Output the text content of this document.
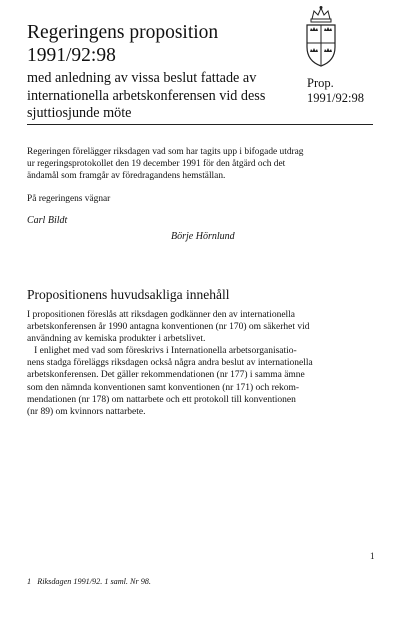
Regeringens proposition
1991/92:98
med anledning av vissa beslut fattade av
internationella arbetskonferensen vid dess
sjuttiosjunde möte
Prop.
1991/92:98
Regeringen förelägger riksdagen vad som har tagits upp i bifogade utdrag
ur regeringsprotokollet den 19 december 1991 för den åtgärd och det
ändamål som framgår av föredragandens hemställan.
På regeringens vägnar
Carl Bildt
Börje Hörnlund
Propositionens huvudsakliga innehåll
I propositionen föreslås att riksdagen godkänner den av internationella
arbetskonferensen år 1990 antagna konventionen (nr 170) om säkerhet vid
användning av kemiska produkter i arbetslivet.
I enlighet med vad som föreskrivs i Internationella arbetsorganisatio-
nens stadga föreläggs riksdagen också några andra beslut av internationella
arbetskonferensen. Det gäller rekommendationen (nr 177) i samma ämne
som den nämnda konventionen samt konventionen (nr 171) och rekom-
mendationen (nr 178) om nattarbete och ett protokoll till konventionen
(nr 89) om kvinnors nattarbete.
1
1   Riksdagen 1991/92. 1 saml. Nr 98.
